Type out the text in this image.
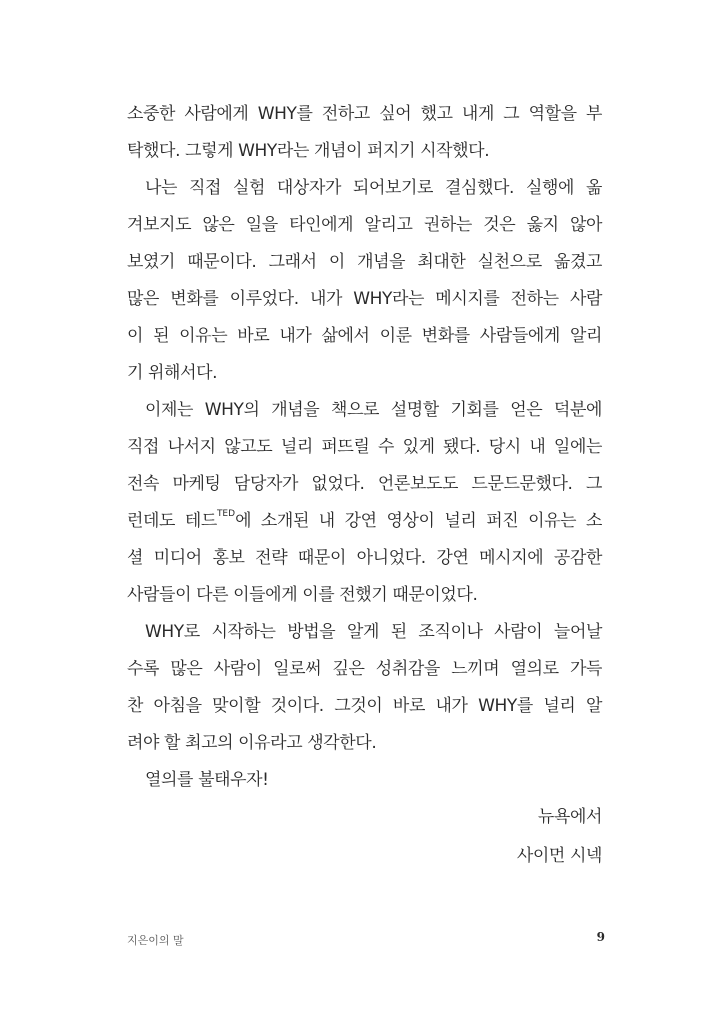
소중한 사람에게 WHY를 전하고 싶어 했고 내게 그 역할을 부
탁했다. 그렇게 WHY라는 개념이 퍼지기 시작했다.
나는 직접 실험 대상자가 되어보기로 결심했다. 실행에 옮
겨보지도 않은 일을 타인에게 알리고 권하는 것은 옳지 않아
보였기 때문이다. 그래서 이 개념을 최대한 실천으로 옮겼고
많은 변화를 이루었다. 내가 WHY라는 메시지를 전하는 사람
이 된 이유는 바로 내가 삶에서 이룬 변화를 사람들에게 알리
기 위해서다.
이제는 WHY의 개념을 책으로 설명할 기회를 얻은 덕분에
직접 나서지 않고도 널리 퍼뜨릴 수 있게 됐다. 당시 내 일에는
전속 마케팅 담당자가 없었다. 언론보도도 드문드문했다. 그
런데도 테드$^{TED}$에 소개된 내 강연 영상이 널리 퍼진 이유는 소
셜 미디어 홍보 전략 때문이 아니었다. 강연 메시지에 공감한
사람들이 다른 이들에게 이를 전했기 때문이었다.
WHY로 시작하는 방법을 알게 된 조직이나 사람이 늘어날
수록 많은 사람이 일로써 깊은 성취감을 느끼며 열의로 가득
찬 아침을 맞이할 것이다. 그것이 바로 내가 WHY를 널리 알
려야 할 최고의 이유라고 생각한다.
열의를 불태우자!
뉴욕에서
사이먼 시넥
지은이의 말	9
